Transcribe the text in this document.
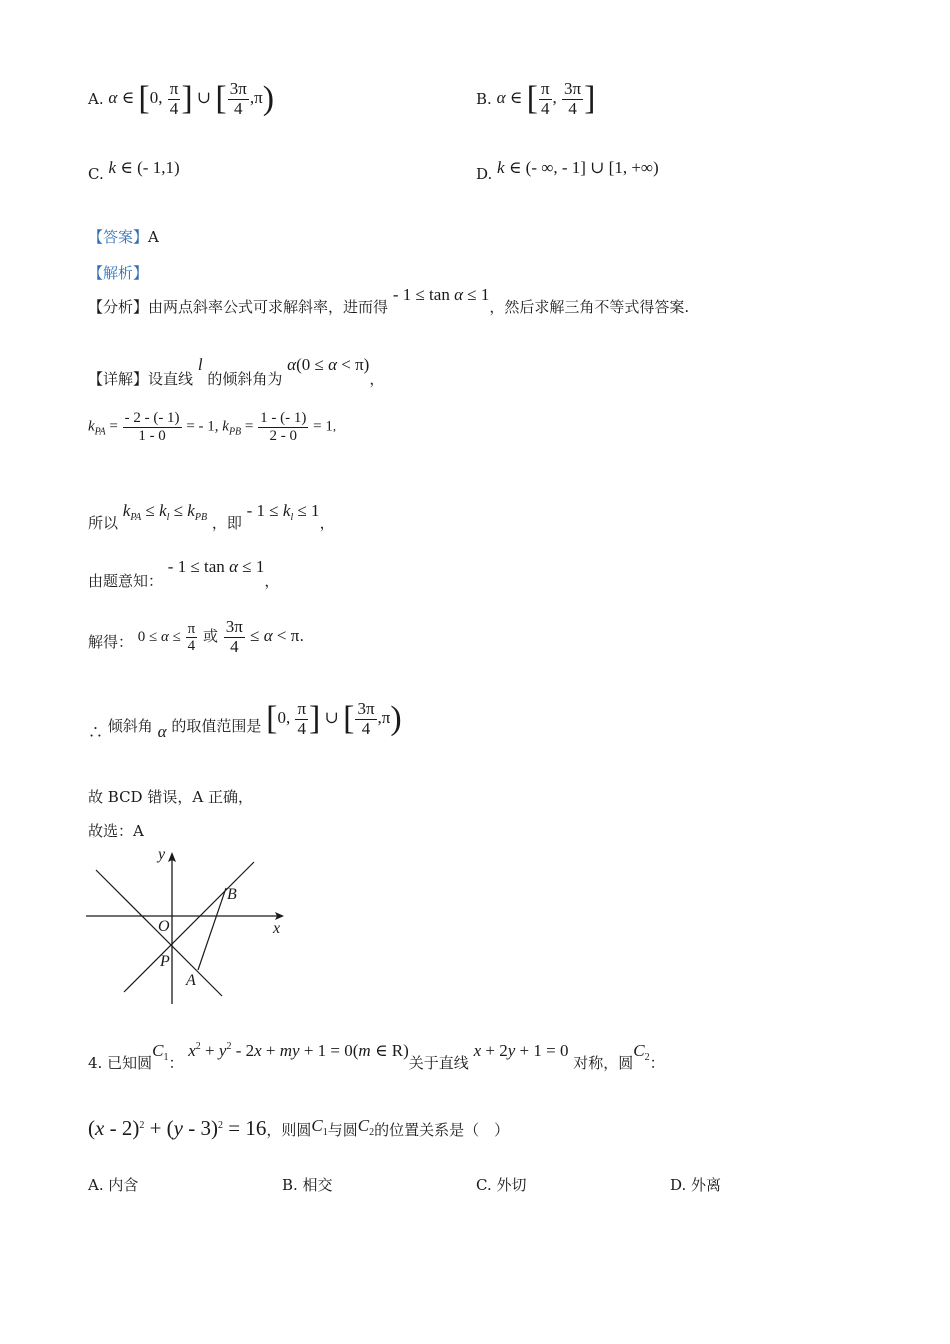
A. α ∈ [0, $\frac{\pi}{4}$ ] ∪ [ $\frac{3\pi}{4} ,\pi$)	B. α ∈ [ $\frac{\pi}{4}$ , $\frac{3\pi}{4}$ ]
C. k ∈ (- 1,1)	D. k ∈ (- ∞, - 1] ∪ [1, +∞)
【答案】A
【解析】
【分析】由两点斜率公式可求解斜率，进而得 - 1 ≤ tan α ≤ 1，然后求解三角不等式得答案.
【详解】设直线 l 的倾斜角为 α(0 ≤ α < π)，
$k_{PA} = \frac{- 2 - (- 1)}{1 - 0}$ = - 1, $k_{PB} = \frac{1 - (- 1)}{2 - 0} = 1$,
所以 $k_{PA} \le k_l \le k_{PB}$ ，即 - $1 \le k_l \le 1$，
由题意知： - 1 ≤ tan α ≤ 1，
解得： $0 \le \alpha \le \frac{\pi}{4}$ 或 $\frac{3\pi}{4} \le \alpha < \pi$.
∴ 倾斜角 α 的取值范围是 [0, $\frac{\pi}{4}$ ] ∪ [ $\frac{3\pi}{4} ,\pi$)
故 BCD 错误，A 正确，
故选：A
y
x
O
P
A
B
4. 已知圆$C_1$： $x^2 + y^2 - 2x$ + my + 1 = 0(m ∈ R)关于直线 x + 2y + 1 = 0 对称，圆$C_2$：
(x - 2)$^2$ + (y - 3)$^2$ = 16，则圆$C_1$与圆$C_2$的位置关系是（　）
A. 内含	B. 相交	C. 外切	D. 外离
